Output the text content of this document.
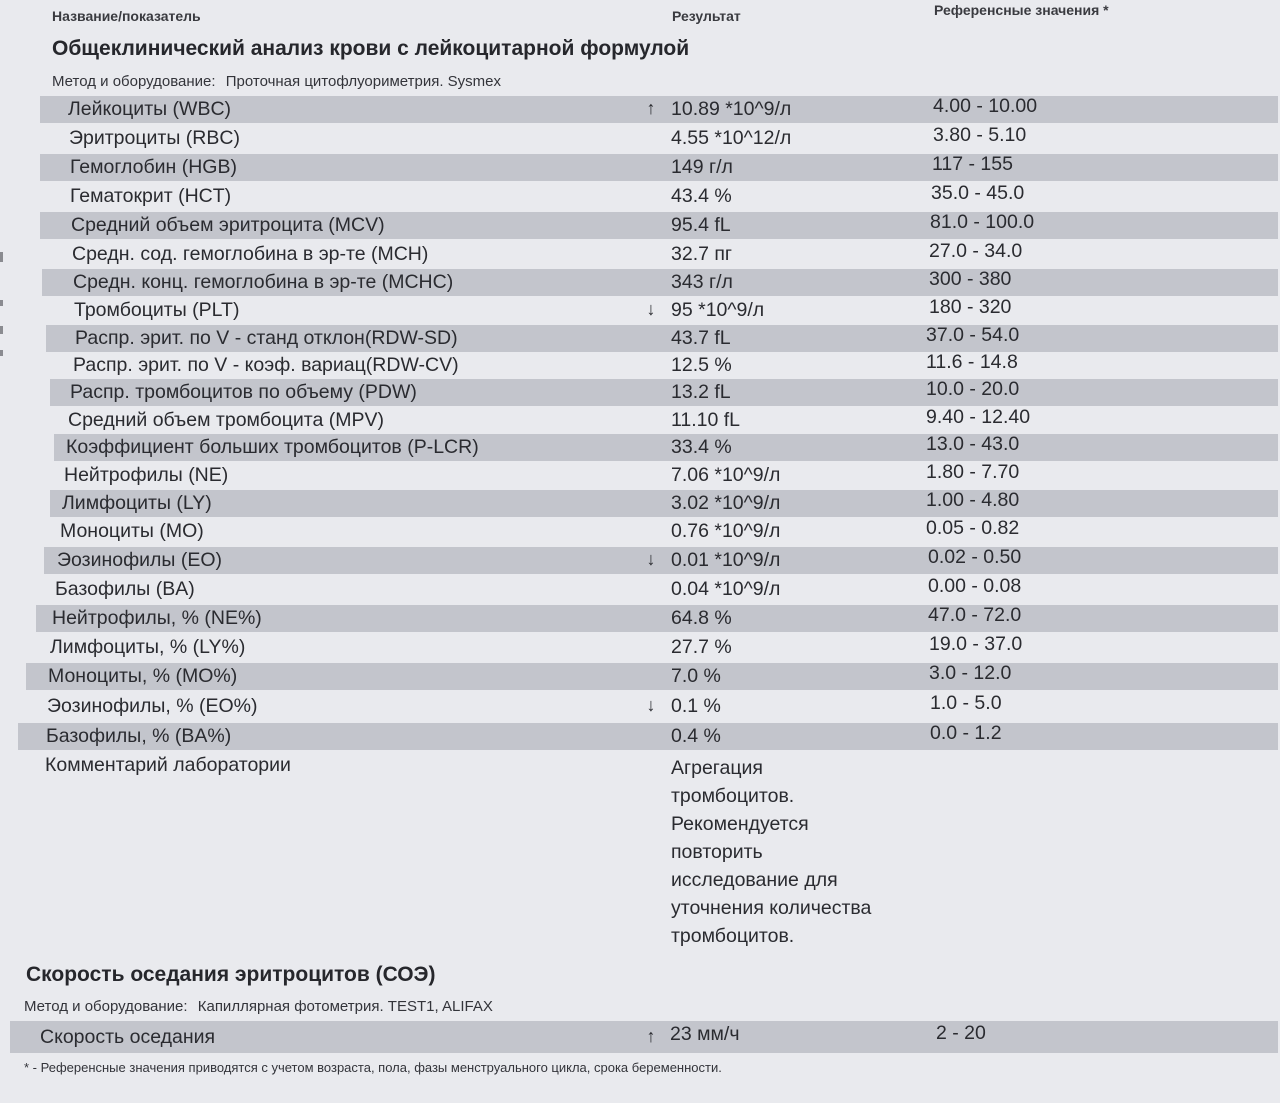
Название/показатель	Результат	Референсные значения *
Общеклинический анализ крови с лейкоцитарной формулой
Метод и оборудование: Проточная цитофлуориметрия. Sysmex
Лейкоциты (WBC)	↑ 10.89 *10^9/л	4.00 - 10.00
Эритроциты (RBC)	4.55 *10^12/л	3.80 - 5.10
Гемоглобин (HGB)	149 г/л	117 - 155
Гематокрит (HCT)	43.4 %	35.0 - 45.0
Средний объем эритроцита (MCV)	95.4 fL	81.0 - 100.0
Средн. сод. гемоглобина в эр-те (MCH)	32.7 пг	27.0 - 34.0
Средн. конц. гемоглобина в эр-те (MCHC)	343 г/л	300 - 380
Тромбоциты (PLT)	↓ 95 *10^9/л	180 - 320
Распр. эрит. по V - станд отклон(RDW-SD)	43.7 fL	37.0 - 54.0
Распр. эрит. по V - коэф. вариац(RDW-CV)	12.5 %	11.6 - 14.8
Распр. тромбоцитов по объему (PDW)	13.2 fL	10.0 - 20.0
Средний объем тромбоцита (MPV)	11.10 fL	9.40 - 12.40
Коэффициент больших тромбоцитов (P-LCR)	33.4 %	13.0 - 43.0
Нейтрофилы (NE)	7.06 *10^9/л	1.80 - 7.70
Лимфоциты (LY)	3.02 *10^9/л	1.00 - 4.80
Моноциты (MO)	0.76 *10^9/л	0.05 - 0.82
Эозинофилы (EO)	↓ 0.01 *10^9/л	0.02 - 0.50
Базофилы (BA)	0.04 *10^9/л	0.00 - 0.08
Нейтрофилы, % (NE%)	64.8 %	47.0 - 72.0
Лимфоциты, % (LY%)	27.7 %	19.0 - 37.0
Моноциты, % (MO%)	7.0 %	3.0 - 12.0
Эозинофилы, % (EO%)	↓ 0.1 %	1.0 - 5.0
Базофилы, % (BA%)	0.4 %	0.0 - 1.2
Комментарий лаборатории	Агрегация
тромбоцитов.
Рекомендуется
повторить
исследование для
уточнения количества
тромбоцитов.
Скорость оседания эритроцитов (СОЭ)
Метод и оборудование: Капиллярная фотометрия. TEST1, ALIFAX
Скорость оседания	↑ 23 мм/ч	2 - 20
* - Референсные значения приводятся с учетом возраста, пола, фазы менструального цикла, срока беременности.
